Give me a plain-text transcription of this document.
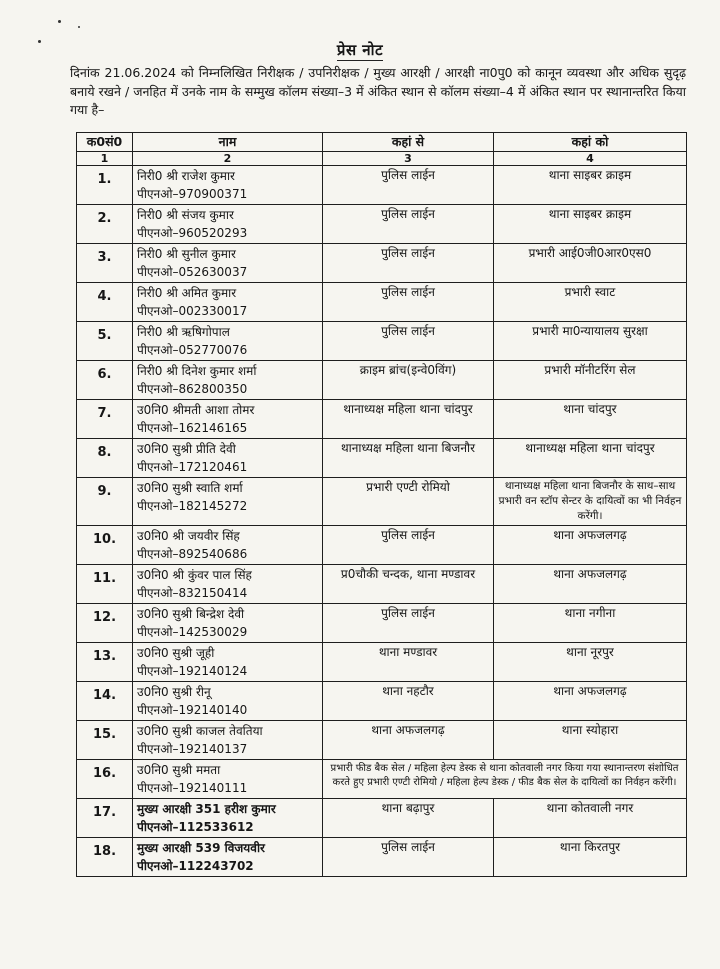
प्रेस नोट
दिनांक 21.06.2024 को निम्नलिखित निरीक्षक / उपनिरीक्षक / मुख्य आरक्षी / आरक्षी ना0पु0 को कानून व्यवस्था और अधिक सुदृढ़ बनाये रखने / जनहित में उनके नाम के सम्मुख कॉलम संख्या–3 में अंकित स्थान से कॉलम संख्या–4 में अंकित स्थान पर स्थानान्तरित किया गया है–
क0सं0	नाम	कहां से	कहां को
1	2	3	4
1.	निरी0 श्री राजेश कुमार
पीएनओ–970900371	पुलिस लाईन	थाना साइबर क्राइम
2.	निरी0 श्री संजय कुमार
पीएनओ–960520293	पुलिस लाईन	थाना साइबर क्राइम
3.	निरी0 श्री सुनील कुमार
पीएनओ–052630037	पुलिस लाईन	प्रभारी आई0जी0आर0एस0
4.	निरी0 श्री अमित कुमार
पीएनओ–002330017	पुलिस लाईन	प्रभारी स्वाट
5.	निरी0 श्री ऋषिगोपाल
पीएनओ–052770076	पुलिस लाईन	प्रभारी मा0न्यायालय सुरक्षा
6.	निरी0 श्री दिनेश कुमार शर्मा
पीएनओ–862800350	क्राइम ब्रांच(इन्वे0विंग)	प्रभारी मॉनीटरिंग सेल
7.	उ0नि0 श्रीमती आशा तोमर
पीएनओ–162146165	थानाध्यक्ष महिला थाना चांदपुर	थाना चांदपुर
8.	उ0नि0 सुश्री प्रीति देवी
पीएनओ–172120461	थानाध्यक्ष महिला थाना बिजनौर	थानाध्यक्ष महिला थाना चांदपुर
9.	उ0नि0 सुश्री स्वाति शर्मा
पीएनओ–182145272	प्रभारी एण्टी रोमियो	थानाध्यक्ष महिला थाना बिजनौर के साथ–साथ प्रभारी वन स्टॉप सेन्टर के दायित्वों का भी निर्वहन करेंगी।
10.	उ0नि0 श्री जयवीर सिंह
पीएनओ–892540686	पुलिस लाईन	थाना अफजलगढ़
11.	उ0नि0 श्री कुंवर पाल सिंह
पीएनओ–832150414	प्र0चौकी चन्दक, थाना मण्डावर	थाना अफजलगढ़
12.	उ0नि0 सुश्री बिन्द्रेश देवी
पीएनओ–142530029	पुलिस लाईन	थाना नगीना
13.	उ0नि0 सुश्री जूही
पीएनओ–192140124	थाना मण्डावर	थाना नूरपुर
14.	उ0नि0 सुश्री रीनू
पीएनओ–192140140	थाना नहटौर	थाना अफजलगढ़
15.	उ0नि0 सुश्री काजल तेवतिया
पीएनओ–192140137	थाना अफजलगढ़	थाना स्योहारा
16.	उ0नि0 सुश्री ममता
पीएनओ–192140111	प्रभारी फीड बैक सेल / महिला हेल्प डेस्क से थाना कोतवाली नगर किया गया स्थानान्तरण संशोधित करते हुए प्रभारी एण्टी रोमियो / महिला हेल्प डेस्क / फीड बैक सेल के दायित्वों का निर्वहन करेंगी।	
17.	मुख्य आरक्षी 351 हरीश कुमार
पीएनओ–112533612	थाना बढ़ापुर	थाना कोतवाली नगर
18.	मुख्य आरक्षी 539 विजयवीर
पीएनओ–112243702	पुलिस लाईन	थाना किरतपुर
